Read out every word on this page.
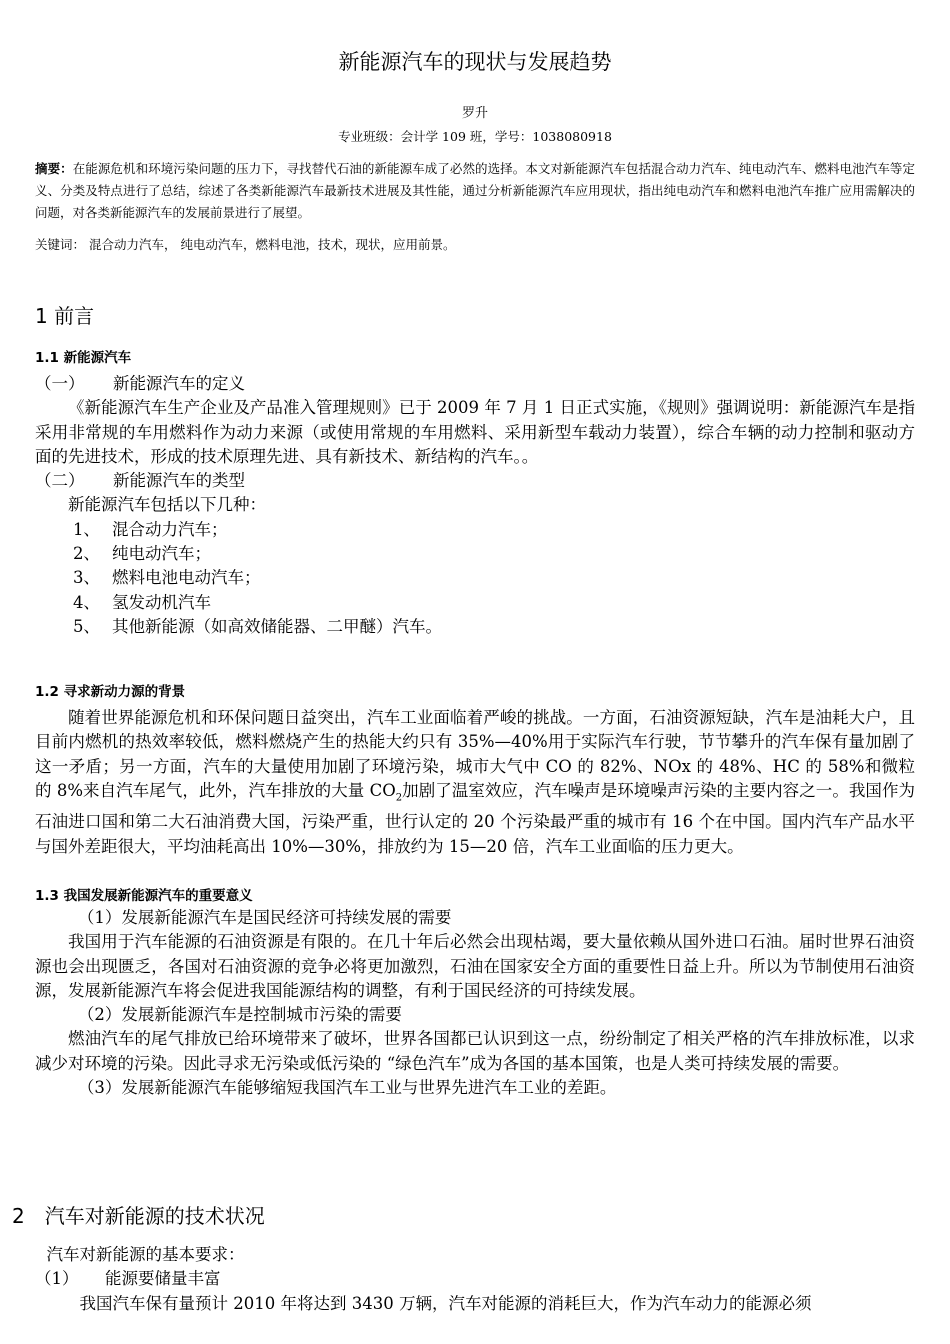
新能源汽车的现状与发展趋势
罗升
专业班级：会计学 109 班，学号：1038080918
摘要：在能源危机和环境污染问题的压力下，寻找替代石油的新能源车成了必然的选择。本文对新能源汽车包括混合动力汽车、纯电动汽车、燃料电池汽车等定义、分类及特点进行了总结，综述了各类新能源汽车最新技术进展及其性能，通过分析新能源汽车应用现状，指出纯电动汽车和燃料电池汽车推广应用需解决的问题，对各类新能源汽车的发展前景进行了展望。
关键词： 混合动力汽车， 纯电动汽车，燃料电池，技术，现状，应用前景。
1 前言
1.1 新能源汽车

（一）	新能源汽车的定义

《新能源汽车生产企业及产品准入管理规则》已于 2009 年 7 月 1 日正式实施，《规则》强调说明：新能源汽车是指采用非常规的车用燃料作为动力来源（或使用常规的车用燃料、采用新型车载动力装置），综合车辆的动力控制和驱动方面的先进技术，形成的技术原理先进、具有新技术、新结构的汽车。。

（二）	新能源汽车的类型

新能源汽车包括以下几种：

1、 混合动力汽车；

2、 纯电动汽车；

3、 燃料电池电动汽车；

4、 氢发动机汽车

5、 其他新能源（如高效储能器、二甲醚）汽车。

1.2 寻求新动力源的背景

随着世界能源危机和环保问题日益突出，汽车工业面临着严峻的挑战。一方面，石油资源短缺，汽车是油耗大户，且目前内燃机的热效率较低，燃料燃烧产生的热能大约只有 35%—40%用于实际汽车行驶，节节攀升的汽车保有量加剧了这一矛盾；另一方面，汽车的大量使用加剧了环境污染，城市大气中 CO 的 82%、NOx 的 48%、HC 的 58%和微粒的 8%来自汽车尾气，此外，汽车排放的大量 $CO_2$加剧了温室效应，汽车噪声是环境噪声污染的主要内容之一。我国作为石油进口国和第二大石油消费大国，污染严重，世行认定的 20 个污染最严重的城市有 16 个在中国。国内汽车产品水平与国外差距很大，平均油耗高出 10%—30%，排放约为 15—20 倍，汽车工业面临的压力更大。

1.3 我国发展新能源汽车的重要意义

（1）发展新能源汽车是国民经济可持续发展的需要

我国用于汽车能源的石油资源是有限的。在几十年后必然会出现枯竭，要大量依赖从国外进口石油。届时世界石油资源也会出现匮乏，各国对石油资源的竞争必将更加激烈，石油在国家安全方面的重要性日益上升。所以为节制使用石油资源，发展新能源汽车将会促进我国能源结构的调整，有利于国民经济的可持续发展。

（2）发展新能源汽车是控制城市污染的需要

燃油汽车的尾气排放已给环境带来了破坏，世界各国都已认识到这一点，纷纷制定了相关严格的汽车排放标准，以求减少对环境的污染。因此寻求无污染或低污染的 “绿色汽车”成为各国的基本国策，也是人类可持续发展的需要。

（3）发展新能源汽车能够缩短我国汽车工业与世界先进汽车工业的差距。

2　汽车对新能源的技术状况

汽车对新能源的基本要求：

（1）	能源要储量丰富

我国汽车保有量预计 2010 年将达到 3430 万辆，汽车对能源的消耗巨大，作为汽车动力的能源必须
